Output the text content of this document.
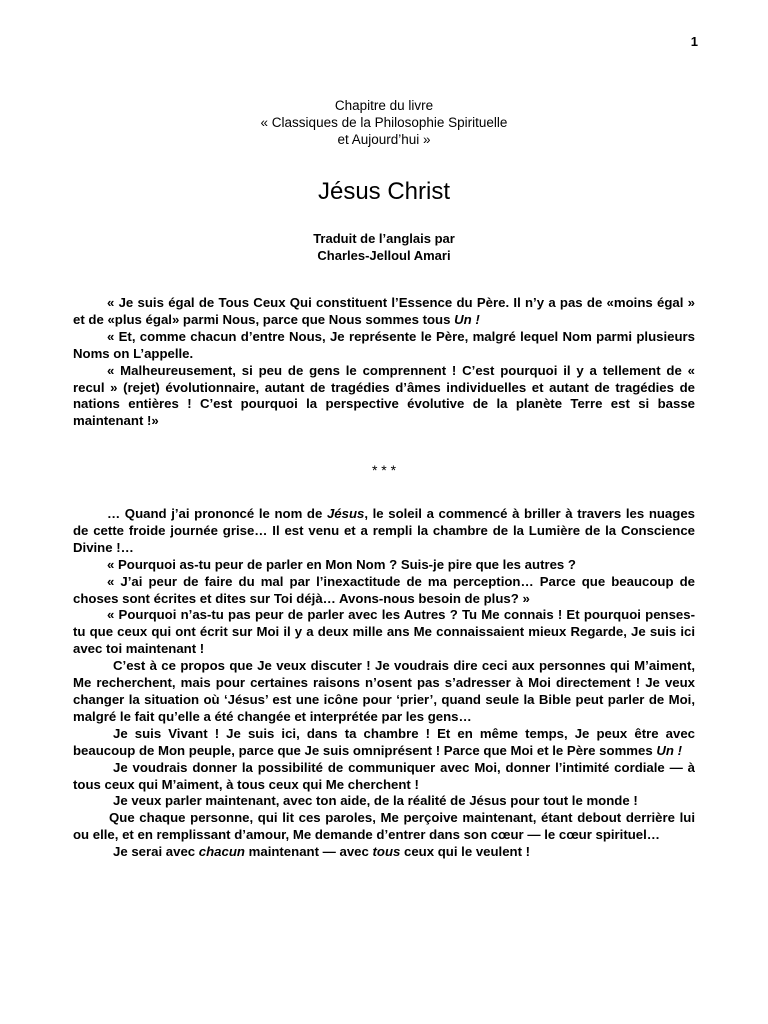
1
Chapitre du livre
« Classiques de la Philosophie Spirituelle
et Aujourd’hui »
Jésus Christ
Traduit de l’anglais par
Charles-Jelloul Amari

« Je suis égal de Tous Ceux Qui constituent l’Essence du Père. Il n’y a pas de «moins égal » et de «plus égal» parmi Nous, parce que Nous sommes tous Un !

« Et, comme chacun d’entre Nous, Je représente le Père, malgré lequel Nom parmi plusieurs Noms on L’appelle.

« Malheureusement, si peu de gens le comprennent ! C’est pourquoi il y a tellement de « recul » (rejet) évolutionnaire, autant de tragédies d’âmes individuelles et autant de tragédies de nations entières ! C’est pourquoi la perspective évolutive de la planète Terre est si basse maintenant !»

* * *

… Quand j’ai prononcé le nom de Jésus, le soleil a commencé à briller à travers les nuages de cette froide journée grise… Il est venu et a rempli la chambre de la Lumière de la Conscience Divine !…

« Pourquoi as-tu peur de parler en Mon Nom ? Suis-je pire que les autres ?

« J’ai peur de faire du mal par l’inexactitude de ma perception… Parce que beaucoup de choses sont écrites et dites sur Toi déjà… Avons-nous besoin de plus? »

« Pourquoi n’as-tu pas peur de parler avec les Autres ? Tu Me connais ! Et pourquoi penses-tu que ceux qui ont écrit sur Moi il y a deux mille ans Me connaissaient mieux Regarde, Je suis ici avec toi maintenant !

C’est à ce propos que Je veux discuter ! Je voudrais dire ceci aux personnes qui M’aiment, Me recherchent, mais pour certaines raisons n’osent pas s’adresser à Moi directement ! Je veux changer la situation où ‘Jésus’ est une icône pour ‘prier’, quand seule la Bible peut parler de Moi, malgré le fait qu’elle a été changée et interprétée par les gens…

Je suis Vivant ! Je suis ici, dans ta chambre ! Et en même temps, Je peux être avec beaucoup de Mon peuple, parce que Je suis omniprésent ! Parce que Moi et le Père sommes Un !

Je voudrais donner la possibilité de communiquer avec Moi, donner l’intimité cordiale — à tous ceux qui M’aiment, à tous ceux qui Me cherchent !

Je veux parler maintenant, avec ton aide, de la réalité de Jésus pour tout le monde !

Que chaque personne, qui lit ces paroles, Me perçoive maintenant, étant debout derrière lui ou elle, et en remplissant d’amour, Me demande d’entrer dans son cœur — le cœur spirituel…

Je serai avec chacun maintenant — avec tous ceux qui le veulent !
